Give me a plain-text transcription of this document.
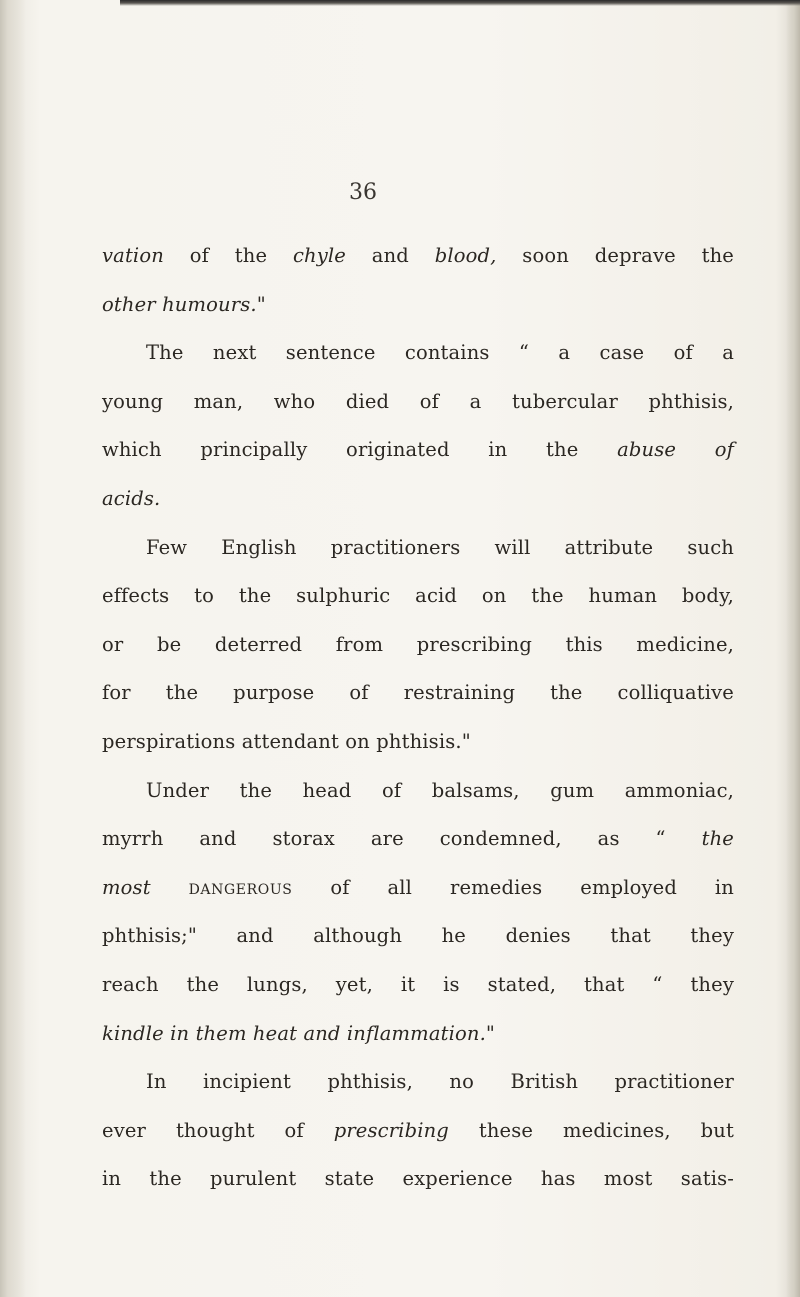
36
vation of the chyle and blood, soon deprave the
other humours."
The next sentence contains “ a case of a
young man, who died of a tubercular phthisis,
which principally originated in the abuse of
acids.
Few English practitioners will attribute such
effects to the sulphuric acid on the human body,
or be deterred from prescribing this medicine,
for the purpose of restraining the colliquative
perspirations attendant on phthisis."
Under the head of balsams, gum ammoniac,
myrrh and storax are condemned, as “ the
most dangerous of all remedies employed in
phthisis;" and although he denies that they
reach the lungs, yet, it is stated, that “ they
kindle in them heat and inflammation."
In incipient phthisis, no British practitioner
ever thought of prescribing these medicines, but
in the purulent state experience has most satis-
